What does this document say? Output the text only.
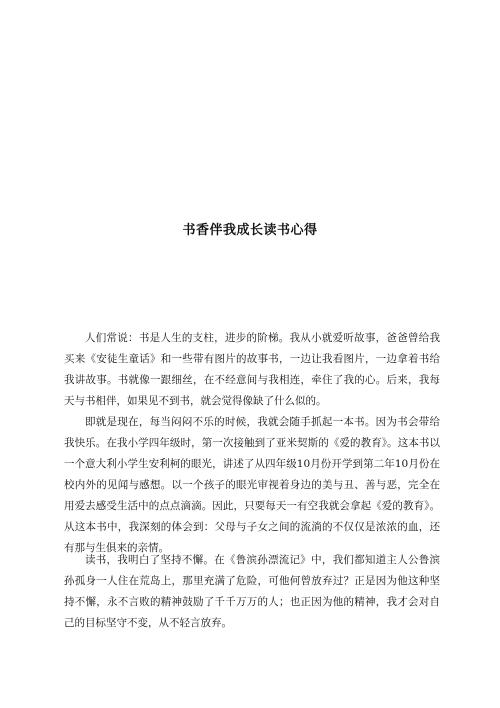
书香伴我成长读书心得

人们常说：书是人生的支柱，进步的阶梯。我从小就爱听故事，爸爸曾给我买来《安徒生童话》和一些带有图片的故事书，一边让我看图片，一边拿着书给我讲故事。书就像一跟细丝，在不经意间与我相连，牵住了我的心。后来，我每天与书相伴，如果见不到书，就会觉得像缺了什么似的。

即就是现在，每当闷闷不乐的时候，我就会随手抓起一本书。因为书会带给我快乐。在我小学四年级时，第一次接触到了亚米契斯的《爱的教育》。这本书以一个意大利小学生安利柯的眼光，讲述了从四年级10月份开学到第二年10月份在校内外的见闻与感想。以一个孩子的眼光审视着身边的美与丑、善与恶，完全在用爱去感受生活中的点点滴滴。因此，只要每天一有空我就会拿起《爱的教育》。从这本书中，我深刻的体会到：父母与子女之间的流淌的不仅仅是浓浓的血，还有那与生俱来的亲情。

读书，我明白了坚持不懈。在《鲁滨孙漂流记》中，我们都知道主人公鲁滨孙孤身一人住在荒岛上，那里充满了危险，可他何曾放弃过？正是因为他这种坚持不懈，永不言败的精神鼓励了千千万万的人；也正因为他的精神，我才会对自己的目标坚守不变，从不轻言放弃。
